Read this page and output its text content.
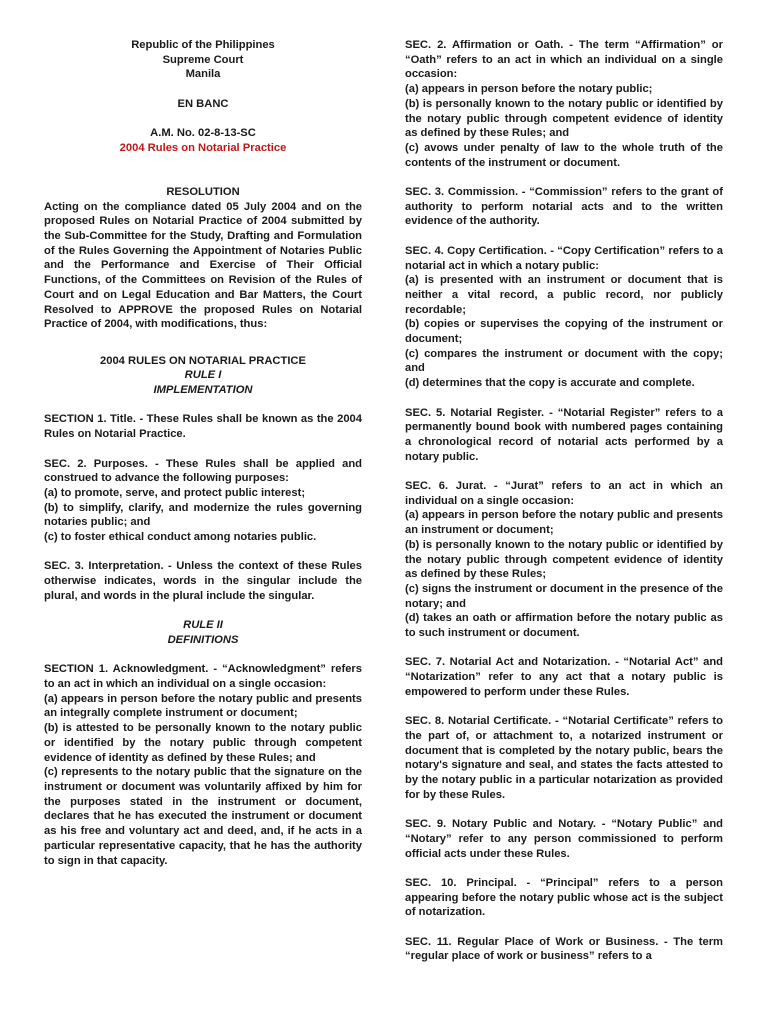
Republic of the Philippines
Supreme Court
Manila
EN BANC
A.M. No. 02-8-13-SC
2004 Rules on Notarial Practice
RESOLUTION

Acting on the compliance dated 05 July 2004 and on the proposed Rules on Notarial Practice of 2004 submitted by the Sub-Committee for the Study, Drafting and Formulation of the Rules Governing the Appointment of Notaries Public and the Performance and Exercise of Their Official Functions, of the Committees on Revision of the Rules of Court and on Legal Education and Bar Matters, the Court Resolved to APPROVE the proposed Rules on Notarial Practice of 2004, with modifications, thus:

2004 RULES ON NOTARIAL PRACTICE
RULE I
IMPLEMENTATION

SECTION 1. Title. - These Rules shall be known as the 2004 Rules on Notarial Practice.

SEC. 2. Purposes. - These Rules shall be applied and construed to advance the following purposes:

(a) to promote, serve, and protect public interest;

(b) to simplify, clarify, and modernize the rules governing notaries public; and

(c) to foster ethical conduct among notaries public.

SEC. 3. Interpretation. - Unless the context of these Rules otherwise indicates, words in the singular include the plural, and words in the plural include the singular.

RULE II
DEFINITIONS

SECTION 1. Acknowledgment. - “Acknowledgment” refers to an act in which an individual on a single occasion:

(a) appears in person before the notary public and presents an integrally complete instrument or document;

(b) is attested to be personally known to the notary public or identified by the notary public through competent evidence of identity as defined by these Rules; and

(c) represents to the notary public that the signature on the instrument or document was voluntarily affixed by him for the purposes stated in the instrument or document, declares that he has executed the instrument or document as his free and voluntary act and deed, and, if he acts in a particular representative capacity, that he has the authority to sign in that capacity.

SEC. 2. Affirmation or Oath. - The term “Affirmation” or “Oath” refers to an act in which an individual on a single occasion:

(a) appears in person before the notary public;

(b) is personally known to the notary public or identified by the notary public through competent evidence of identity as defined by these Rules; and

(c) avows under penalty of law to the whole truth of the contents of the instrument or document.

SEC. 3. Commission. - “Commission” refers to the grant of authority to perform notarial acts and to the written evidence of the authority.

SEC. 4. Copy Certification. - “Copy Certification” refers to a notarial act in which a notary public:

(a) is presented with an instrument or document that is neither a vital record, a public record, nor publicly recordable;

(b) copies or supervises the copying of the instrument or document;

(c) compares the instrument or document with the copy; and

(d) determines that the copy is accurate and complete.

SEC. 5. Notarial Register. - “Notarial Register” refers to a permanently bound book with numbered pages containing a chronological record of notarial acts performed by a notary public.

SEC. 6. Jurat. - “Jurat” refers to an act in which an individual on a single occasion:

(a) appears in person before the notary public and presents an instrument or document;

(b) is personally known to the notary public or identified by the notary public through competent evidence of identity as defined by these Rules;

(c) signs the instrument or document in the presence of the notary; and

(d) takes an oath or affirmation before the notary public as to such instrument or document.

SEC. 7. Notarial Act and Notarization. - “Notarial Act” and “Notarization” refer to any act that a notary public is empowered to perform under these Rules.

SEC. 8. Notarial Certificate. - “Notarial Certificate” refers to the part of, or attachment to, a notarized instrument or document that is completed by the notary public, bears the notary's signature and seal, and states the facts attested to by the notary public in a particular notarization as provided for by these Rules.

SEC. 9. Notary Public and Notary. - “Notary Public” and “Notary” refer to any person commissioned to perform official acts under these Rules.

SEC. 10. Principal. - “Principal” refers to a person appearing before the notary public whose act is the subject of notarization.

SEC. 11. Regular Place of Work or Business. - The term “regular place of work or business” refers to a
